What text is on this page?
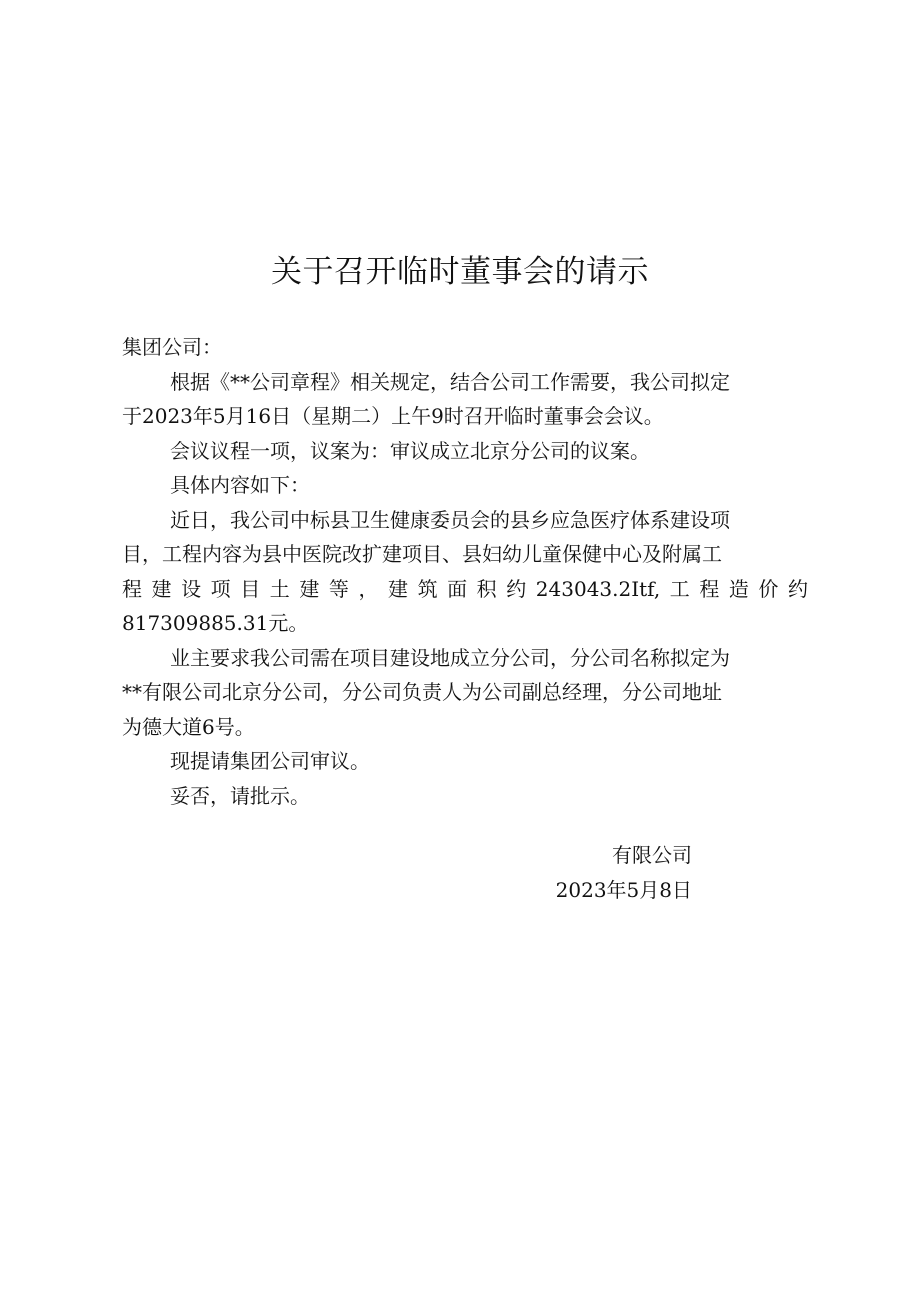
关于召开临时董事会的请示
集团公司：
根据《**公司章程》相关规定，结合公司工作需要，我公司拟定
于2023年5月16日（星期二）上午9时召开临时董事会会议。
会议议程一项，议案为：审议成立北京分公司的议案。
具体内容如下：
近日，我公司中标县卫生健康委员会的县乡应急医疗体系建设项
目，工程内容为县中医院改扩建项目、县妇幼儿童保健中心及附属工
程建设项目土建等，建筑面积约243043.2Itf,工程造价约
817309885.31元。
业主要求我公司需在项目建设地成立分公司，分公司名称拟定为
**有限公司北京分公司，分公司负责人为公司副总经理，分公司地址
为德大道6号。
现提请集团公司审议。
妥否，请批示。
有限公司
2023年5月8日
